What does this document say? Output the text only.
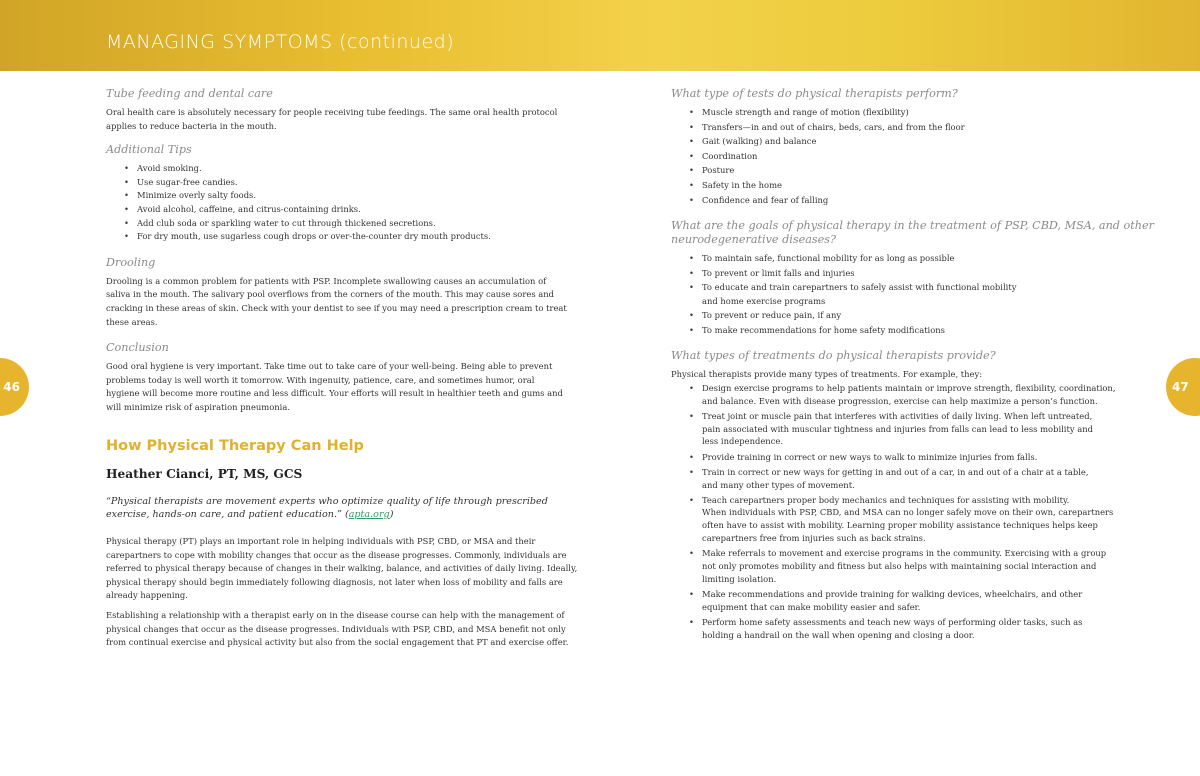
MANAGING SYMPTOMS (continued)
46	47
Tube feeding and dental care

Oral health care is absolutely necessary for people receiving tube feedings. The same oral health protocol
applies to reduce bacteria in the mouth.

Additional Tips
• Avoid smoking.
• Use sugar-free candies.
• Minimize overly salty foods.
• Avoid alcohol, caffeine, and citrus-containing drinks.
• Add club soda or sparkling water to cut through thickened secretions.
• For dry mouth, use sugarless cough drops or over-the-counter dry mouth products.
Drooling

Drooling is a common problem for patients with PSP. Incomplete swallowing causes an accumulation of
saliva in the mouth. The salivary pool overflows from the corners of the mouth. This may cause sores and
cracking in these areas of skin. Check with your dentist to see if you may need a prescription cream to treat
these areas.

Conclusion

Good oral hygiene is very important. Take time out to take care of your well-being. Being able to prevent
problems today is well worth it tomorrow. With ingenuity, patience, care, and sometimes humor, oral
hygiene will become more routine and less difficult. Your efforts will result in healthier teeth and gums and
will minimize risk of aspiration pneumonia.

How Physical Therapy Can Help
Heather Cianci, PT, MS, GCS

“Physical therapists are movement experts who optimize quality of life through prescribed
exercise, hands-on care, and patient education.” (apta.org)

Physical therapy (PT) plays an important role in helping individuals with PSP, CBD, or MSA and their
carepartners to cope with mobility changes that occur as the disease progresses. Commonly, individuals are
referred to physical therapy because of changes in their walking, balance, and activities of daily living. Ideally,
physical therapy should begin immediately following diagnosis, not later when loss of mobility and falls are
already happening.

Establishing a relationship with a therapist early on in the disease course can help with the management of
physical changes that occur as the disease progresses. Individuals with PSP, CBD, and MSA benefit not only
from continual exercise and physical activity but also from the social engagement that PT and exercise offer.

What type of tests do physical therapists perform?
• Muscle strength and range of motion (flexibility)
• Transfers—in and out of chairs, beds, cars, and from the floor
• Gait (walking) and balance
• Coordination
• Posture
• Safety in the home
• Confidence and fear of falling
What are the goals of physical therapy in the treatment of PSP, CBD, MSA, and other
neurodegenerative diseases?
• To maintain safe, functional mobility for as long as possible
• To prevent or limit falls and injuries
• To educate and train carepartners to safely assist with functional mobility
and home exercise programs
• To prevent or reduce pain, if any
• To make recommendations for home safety modifications
What types of treatments do physical therapists provide?

Physical therapists provide many types of treatments. For example, they:

• Design exercise programs to help patients maintain or improve strength, flexibility, coordination,
and balance. Even with disease progression, exercise can help maximize a person’s function.
• Treat joint or muscle pain that interferes with activities of daily living. When left untreated,
pain associated with muscular tightness and injuries from falls can lead to less mobility and
less independence.
• Provide training in correct or new ways to walk to minimize injuries from falls.
• Train in correct or new ways for getting in and out of a car, in and out of a chair at a table,
and many other types of movement.
• Teach carepartners proper body mechanics and techniques for assisting with mobility.
When individuals with PSP, CBD, and MSA can no longer safely move on their own, carepartners
often have to assist with mobility. Learning proper mobility assistance techniques helps keep
carepartners free from injuries such as back strains.
• Make referrals to movement and exercise programs in the community. Exercising with a group
not only promotes mobility and fitness but also helps with maintaining social interaction and
limiting isolation.
• Make recommendations and provide training for walking devices, wheelchairs, and other
equipment that can make mobility easier and safer.
• Perform home safety assessments and teach new ways of performing older tasks, such as
holding a handrail on the wall when opening and closing a door.
